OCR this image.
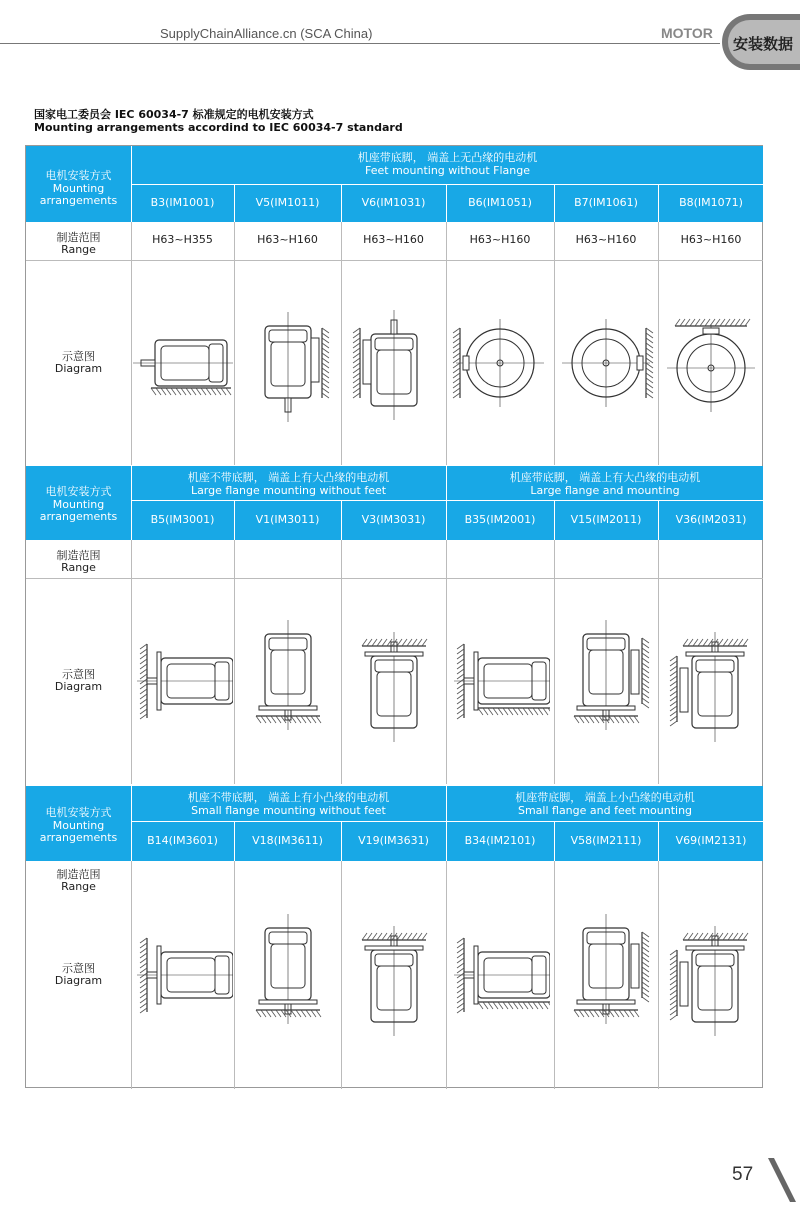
SupplyChainAlliance.cn (SCA China)	MOTOR
安装数据
国家电工委员会 IEC 60034-7 标准规定的电机安装方式
Mounting arrangements accordind to IEC 60034-7 standard
电机安装方式
Mounting
arrangements
机座带底脚， 端盖上无凸缘的电动机
Feet mounting without Flange
B3(IM1001)	V5(IM1011)	V6(IM1031)	B6(IM1051)	B7(IM1061)	B8(IM1071)
制造范围
Range
H63~H355	H63~H160	H63~H160	H63~H160	H63~H160	H63~H160
示意图
Diagram
电机安装方式
Mounting
arrangements
机座不带底脚， 端盖上有大凸缘的电动机
Large flange mounting without feet
机座带底脚， 端盖上有大凸缘的电动机
Large flange and mounting
B5(IM3001)	V1(IM3011)	V3(IM3031)	B35(IM2001)	V15(IM2011)	V36(IM2031)
制造范围
Range
示意图
Diagram
电机安装方式
Mounting
arrangements
机座不带底脚， 端盖上有小凸缘的电动机
Small flange mounting without feet
机座带底脚， 端盖上小凸缘的电动机
Small flange and feet mounting
B14(IM3601)	V18(IM3611)	V19(IM3631)	B34(IM2101)	V58(IM2111)	V69(IM2131)
制造范围
Range
示意图
Diagram
57
